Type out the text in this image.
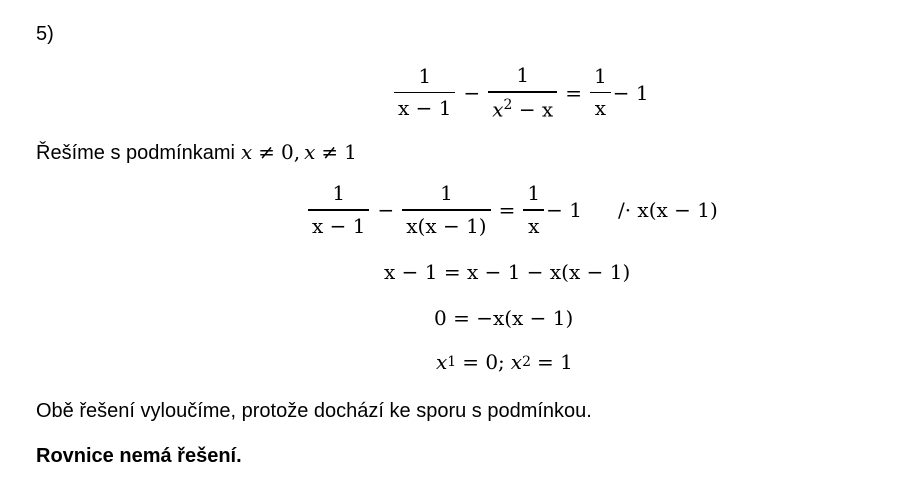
5)
$\frac{1}{x - 1} - \frac{1}{x^2 - x} = \frac{1}{x} - 1$
Řešíme s podmínkami x ≠ 0, x ≠ 1
$\frac{1}{x - 1} - \frac{1}{x(x - 1)} = \frac{1}{x} - 1 /\cdot x(x - 1)$
x − 1 = x − 1 − x(x − 1)
0 = −x(x − 1)
x 1 = 0; x 2 = 1
Obě řešení vyloučíme, protože dochází ke sporu s podmínkou.
Rovnice nemá řešení.
